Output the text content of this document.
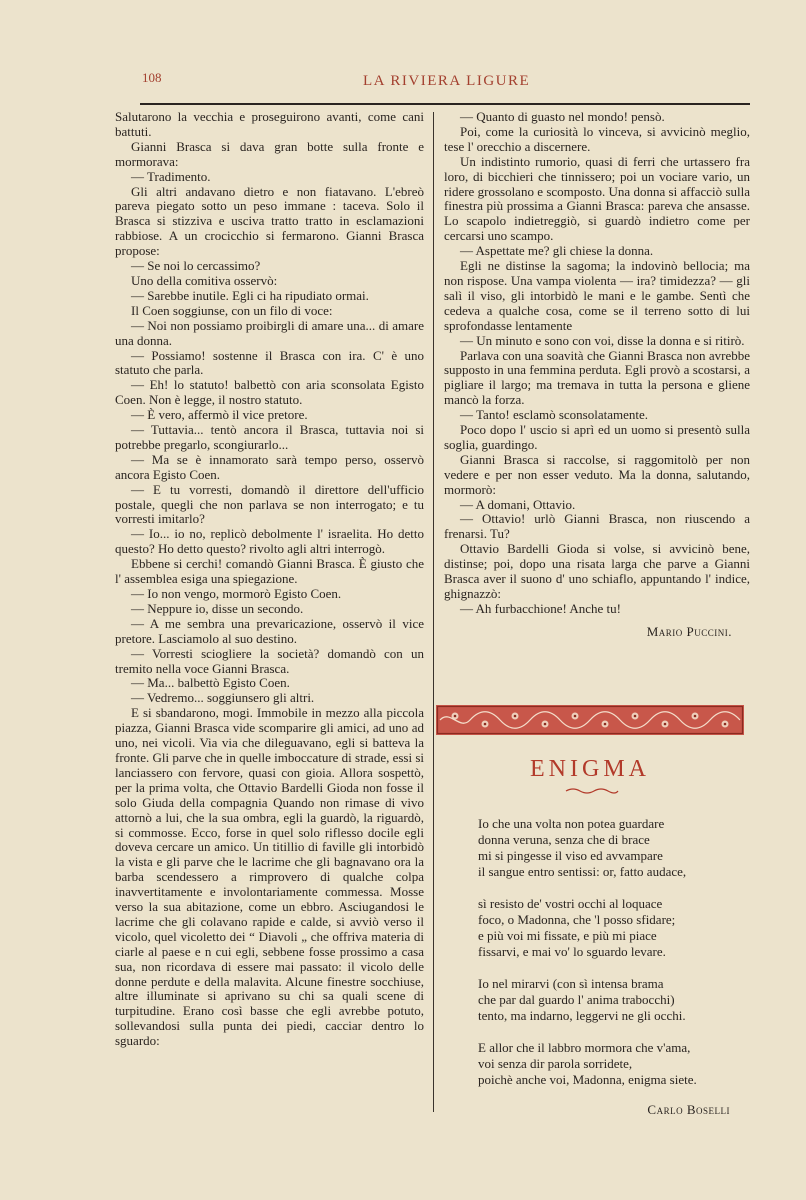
108	LA RIVIERA LIGURE

Salutarono la vecchia e proseguirono avanti, come cani battuti.

Gianni Brasca si dava gran botte sulla fronte e mormorava:

— Tradimento.

Gli altri andavano dietro e non fiatavano. L'ebreò pareva piegato sotto un peso immane : taceva. Solo il Brasca si stizziva e usciva tratto tratto in esclamazioni rabbiose. A un crocicchio si fermarono. Gianni Brasca propose:

— Se noi lo cercassimo?

Uno della comitiva osservò:

— Sarebbe inutile. Egli ci ha ripudiato ormai.

Il Coen soggiunse, con un filo di voce:

— Noi non possiamo proibirgli di amare una... di amare una donna.

— Possiamo! sostenne il Brasca con ira. C' è uno statuto che parla.

— Eh! lo statuto! balbettò con aria sconsolata Egisto Coen. Non è legge, il nostro statuto.

— È vero, affermò il vice pretore.

— Tuttavia... tentò ancora il Brasca, tuttavia noi si potrebbe pregarlo, scongiurarlo...

— Ma se è innamorato sarà tempo perso, osservò ancora Egisto Coen.

— E tu vorresti, domandò il direttore dell'ufficio postale, quegli che non parlava se non interrogato; e tu vorresti imitarlo?

— Io... io no, replicò debolmente l' israelita. Ho detto questo? Ho detto questo? rivolto agli altri interrogò.

Ebbene si cerchi! comandò Gianni Brasca. È giusto che l' assemblea esiga una spiegazione.

— Io non vengo, mormorò Egisto Coen.

— Neppure io, disse un secondo.

— A me sembra una prevaricazione, osservò il vice pretore. Lasciamolo al suo destino.

— Vorresti sciogliere la società? domandò con un tremito nella voce Gianni Brasca.

— Ma... balbettò Egisto Coen.

— Vedremo... soggiunsero gli altri.

E si sbandarono, mogi. Immobile in mezzo alla piccola piazza, Gianni Brasca vide scomparire gli amici, ad uno ad uno, nei vicoli. Via via che dileguavano, egli si batteva la fronte. Gli parve che in quelle imboccature di strade, essi si lanciassero con fervore, quasi con gioia. Allora sospettò, per la prima volta, che Ottavio Bardelli Gioda non fosse il solo Giuda della compagnia Quando non rimase di vivo attornò a lui, che la sua ombra, egli la guardò, la riguardò, si commosse. Ecco, forse in quel solo riflesso docile egli doveva cercare un amico. Un titillio di faville gli intorbidò la vista e gli parve che le lacrime che gli bagnavano ora la barba scendessero a rimprovero di qualche colpa inavvertitamente e involontariamente commessa. Mosse verso la sua abitazione, come un ebbro. Asciugandosi le lacrime che gli colavano rapide e calde, si avviò verso il vicolo, quel vicoletto dei “ Diavoli „ che offriva materia di ciarle al paese e n cui egli, sebbene fosse prossimo a casa sua, non ricordava di essere mai passato: il vicolo delle donne perdute e della malavita. Alcune finestre socchiuse, altre illuminate si aprivano su chi sa quali scene di turpitudine. Erano così basse che egli avrebbe potuto, sollevandosi sulla punta dei piedi, cacciar dentro lo sguardo:

— Quanto di guasto nel mondo! pensò.

Poi, come la curiosità lo vinceva, si avvicinò meglio, tese l' orecchio a discernere.

Un indistinto rumorio, quasi di ferri che urtassero fra loro, di bicchieri che tinnissero; poi un vociare vario, un ridere grossolano e scomposto. Una donna si affacciò sulla finestra più prossima a Gianni Brasca: pareva che ansasse. Lo scapolo indietreggiò, si guardò indietro come per cercarsi uno scampo.

— Aspettate me? gli chiese la donna.

Egli ne distinse la sagoma; la indovinò bellocia; ma non rispose. Una vampa violenta — ira? timidezza? — gli salì il viso, gli intorbidò le mani e le gambe. Sentì che cedeva a qualche cosa, come se il terreno sotto di lui sprofondasse lentamente

— Un minuto e sono con voi, disse la donna e si ritirò.

Parlava con una soavità che Gianni Brasca non avrebbe supposto in una femmina perduta. Egli provò a scostarsi, a pigliare il largo; ma tremava in tutta la persona e gliene mancò la forza.

— Tanto! esclamò sconsolatamente.

Poco dopo l' uscio si aprì ed un uomo si presentò sulla soglia, guardingo.

Gianni Brasca si raccolse, si raggomitolò per non vedere e per non esser veduto. Ma la donna, salutando, mormorò:

— A domani, Ottavio.

— Ottavio! urlò Gianni Brasca, non riuscendo a frenarsi. Tu?

Ottavio Bardelli Gioda si volse, si avvicinò bene, distinse; poi, dopo una risata larga che parve a Gianni Brasca aver il suono d' uno schiaflo, appuntando l' indice, ghignazzò:

— Ah furbacchione! Anche tu!

Mario Puccini.

ENIGMA
Io che una volta non potea guardare
donna veruna, senza che di brace
mi si pingesse il viso ed avvampare
il sangue entro sentissi: or, fatto audace,
sì resisto de' vostri occhi al loquace
foco, o Madonna, che 'l posso sfidare;
e più voi mi fissate, e più mi piace
fissarvi, e mai vo' lo sguardo levare.
Io nel mirarvi (con sì intensa brama
che par dal guardo l' anima trabocchi)
tento, ma indarno, leggervi ne gli occhi.
E allor che il labbro mormora che v'ama,
voi senza dir parola sorridete,
poichè anche voi, Madonna, enigma siete.
Carlo Boselli
